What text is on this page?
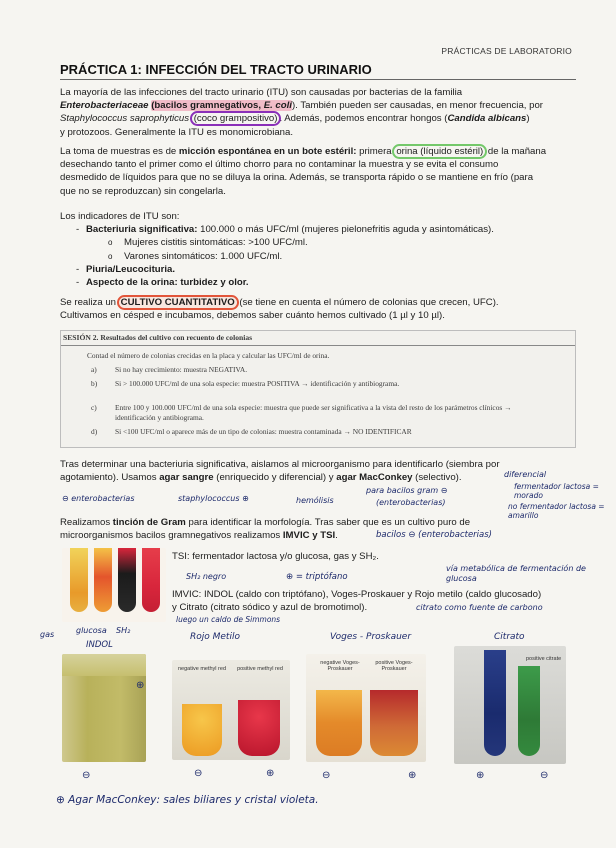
PRÁCTICAS DE LABORATORIO
PRÁCTICA 1: INFECCIÓN DEL TRACTO URINARIO
La mayoría de las infecciones del tracto urinario (ITU) son causadas por bacterias de la familia
Enterobacteriaceae (bacilos gramnegativos, E. coli). También pueden ser causadas, en menor frecuencia, por
Staphylococcus saprophyticus (coco grampositivo) . Además, podemos encontrar hongos (Candida albicans)
y protozoos. Generalmente la ITU es monomicrobiana.
La toma de muestras es de micción espontánea en un bote estéril: primera orina (líquido estéril) de la mañana
desechando tanto el primer como el último chorro para no contaminar la muestra y se evita el consumo
desmedido de líquidos para que no se diluya la orina. Además, se transporta rápido o se mantiene en frío (para
que no se reproduzcan) sin congelarla.
Los indicadores de ITU son:
- Bacteriuria significativa: 100.000 o más UFC/ml (mujeres pielonefritis aguda y asintomáticas).
o Mujeres cistitis sintomáticas: >100 UFC/ml.
o Varones sintomáticos: 1.000 UFC/ml.
- Piuria/Leucocituria.
- Aspecto de la orina: turbidez y olor.
Se realiza un CULTIVO CUANTITATIVO (se tiene en cuenta el número de colonias que crecen, UFC).
Cultivamos en césped e incubamos, debemos saber cuánto hemos cultivado (1 µl y 10 µl).
SESIÓN 2. Resultados del cultivo con recuento de colonias
Contad el número de colonias crecidas en la placa y calcular las UFC/ml de orina.
a) Si no hay crecimiento: muestra NEGATIVA.
b) Si > 100.000 UFC/ml de una sola especie: muestra POSITIVA → identificación y antibiograma.
c) Entre 100 y 100.000 UFC/ml de una sola especie: muestra que puede ser significativa a la vista del resto de los parámetros clínicos → identificación y antibiograma.
d) Si <100 UFC/ml o aparece más de un tipo de colonias: muestra contaminada → NO IDENTIFICAR
Tras determinar una bacteriuria significativa, aislamos al microorganismo para identificarlo (siembra por
agotamiento). Usamos agar sangre (enriquecido y diferencial) y agar MacConkey (selectivo).	diferencial
⊖ enterobacterias	staphylococcus ⊕	hemólisis
para bacilos gram ⊖
(enterobacterias)
fermentador lactosa = morado
no fermentador lactosa = amarillo
Realizamos tinción de Gram para identificar la morfología. Tras saber que es un cultivo puro de
microorganismos bacilos gramnegativos realizamos IMVIC y TSI.	bacilos ⊖ (enterobacterias)
TSI: fermentador lactosa y/o glucosa, gas y SH₂.
SH₂ negro	⊕ = triptófano
vía metabólica de fermentación de glucosa
IMVIC: INDOL (caldo con triptófano), Voges-Proskauer y Rojo metilo (caldo glucosado)
y Citrato (citrato sódico y azul de bromotimol).	citrato como fuente de carbono
luego un caldo de Simmons
gas	glucosa SH₂
INDOL
Rojo Metilo	Voges - Proskauer	Citrato
⊕
⊖
negative methyl red positive methyl red
⊖	⊕
negative Voges-Proskauer
positive Voges-Proskauer
⊖	⊕
positive citrate
⊕	⊖
⊕ Agar MacConkey: sales biliares y cristal violeta.
